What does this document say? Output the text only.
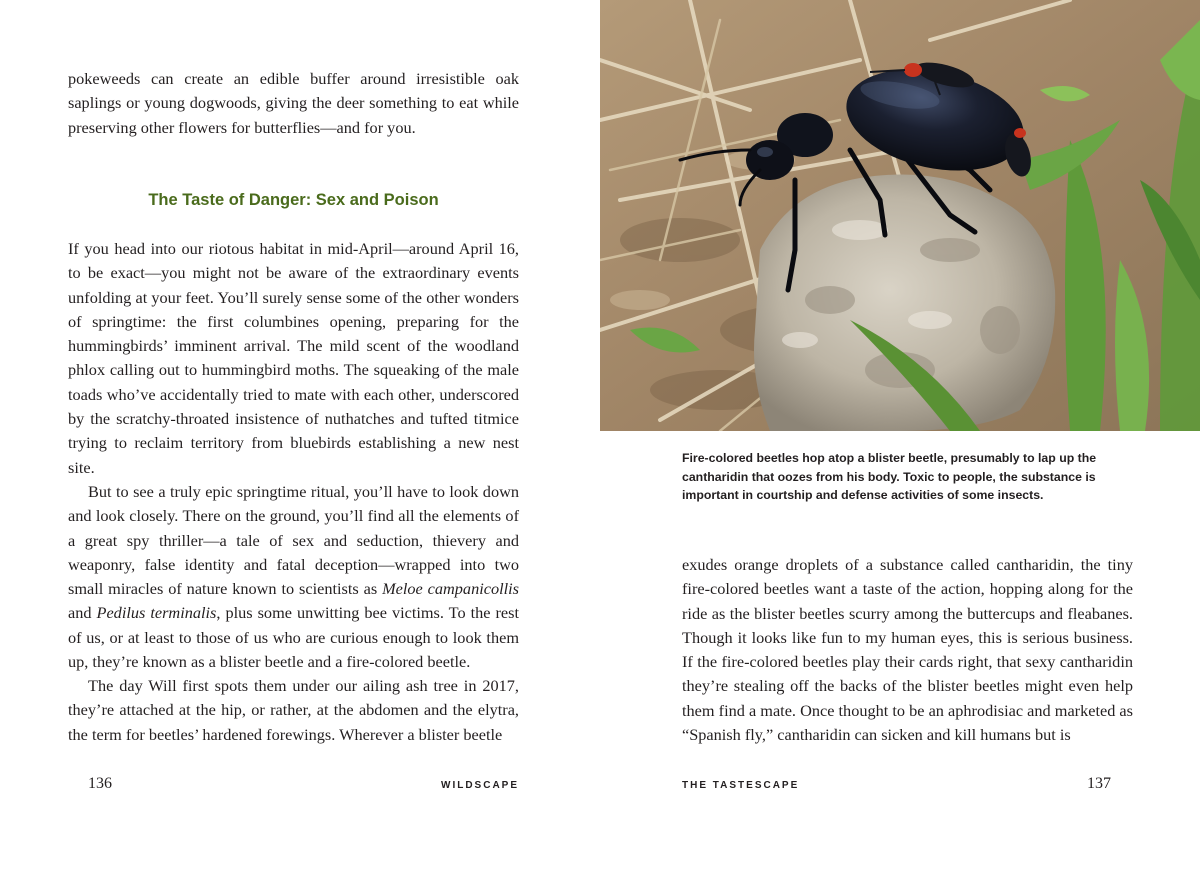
pokeweeds can create an edible buffer around irresistible oak saplings or young dogwoods, giving the deer something to eat while preserving other flowers for butterflies—and for you.

The Taste of Danger: Sex and Poison

If you head into our riotous habitat in mid-April—around April 16, to be exact—you might not be aware of the extraordinary events unfolding at your feet. You’ll surely sense some of the other wonders of springtime: the first columbines opening, preparing for the hummingbirds’ imminent arrival. The mild scent of the woodland phlox calling out to hummingbird moths. The squeaking of the male toads who’ve accidentally tried to mate with each other, underscored by the scratchy-throated insistence of nuthatches and tufted titmice trying to reclaim territory from bluebirds establishing a new nest site.

But to see a truly epic springtime ritual, you’ll have to look down and look closely. There on the ground, you’ll find all the elements of a great spy thriller—a tale of sex and seduction, thievery and weaponry, false identity and fatal deception—wrapped into two small miracles of nature known to scientists as Meloe campanicollis and Pedilus terminalis, plus some unwitting bee victims. To the rest of us, or at least to those of us who are curious enough to look them up, they’re known as a blister beetle and a fire-colored beetle.

The day Will first spots them under our ailing ash tree in 2017, they’re attached at the hip, or rather, at the abdomen and the elytra, the term for beetles’ hardened forewings. Wherever a blister beetle

136	WILDSCAPE

Fire-colored beetles hop atop a blister beetle, presumably to lap up the cantharidin that oozes from his body. Toxic to people, the substance is important in courtship and defense activities of some insects.

exudes orange droplets of a substance called cantharidin, the tiny fire-colored beetles want a taste of the action, hopping along for the ride as the blister beetles scurry among the buttercups and fleabanes. Though it looks like fun to my human eyes, this is serious business. If the fire-colored beetles play their cards right, that sexy cantharidin they’re stealing off the backs of the blister beetles might even help them find a mate. Once thought to be an aphrodisiac and marketed as “Spanish fly,” cantharidin can sicken and kill humans but is

THE TASTESCAPE	137
